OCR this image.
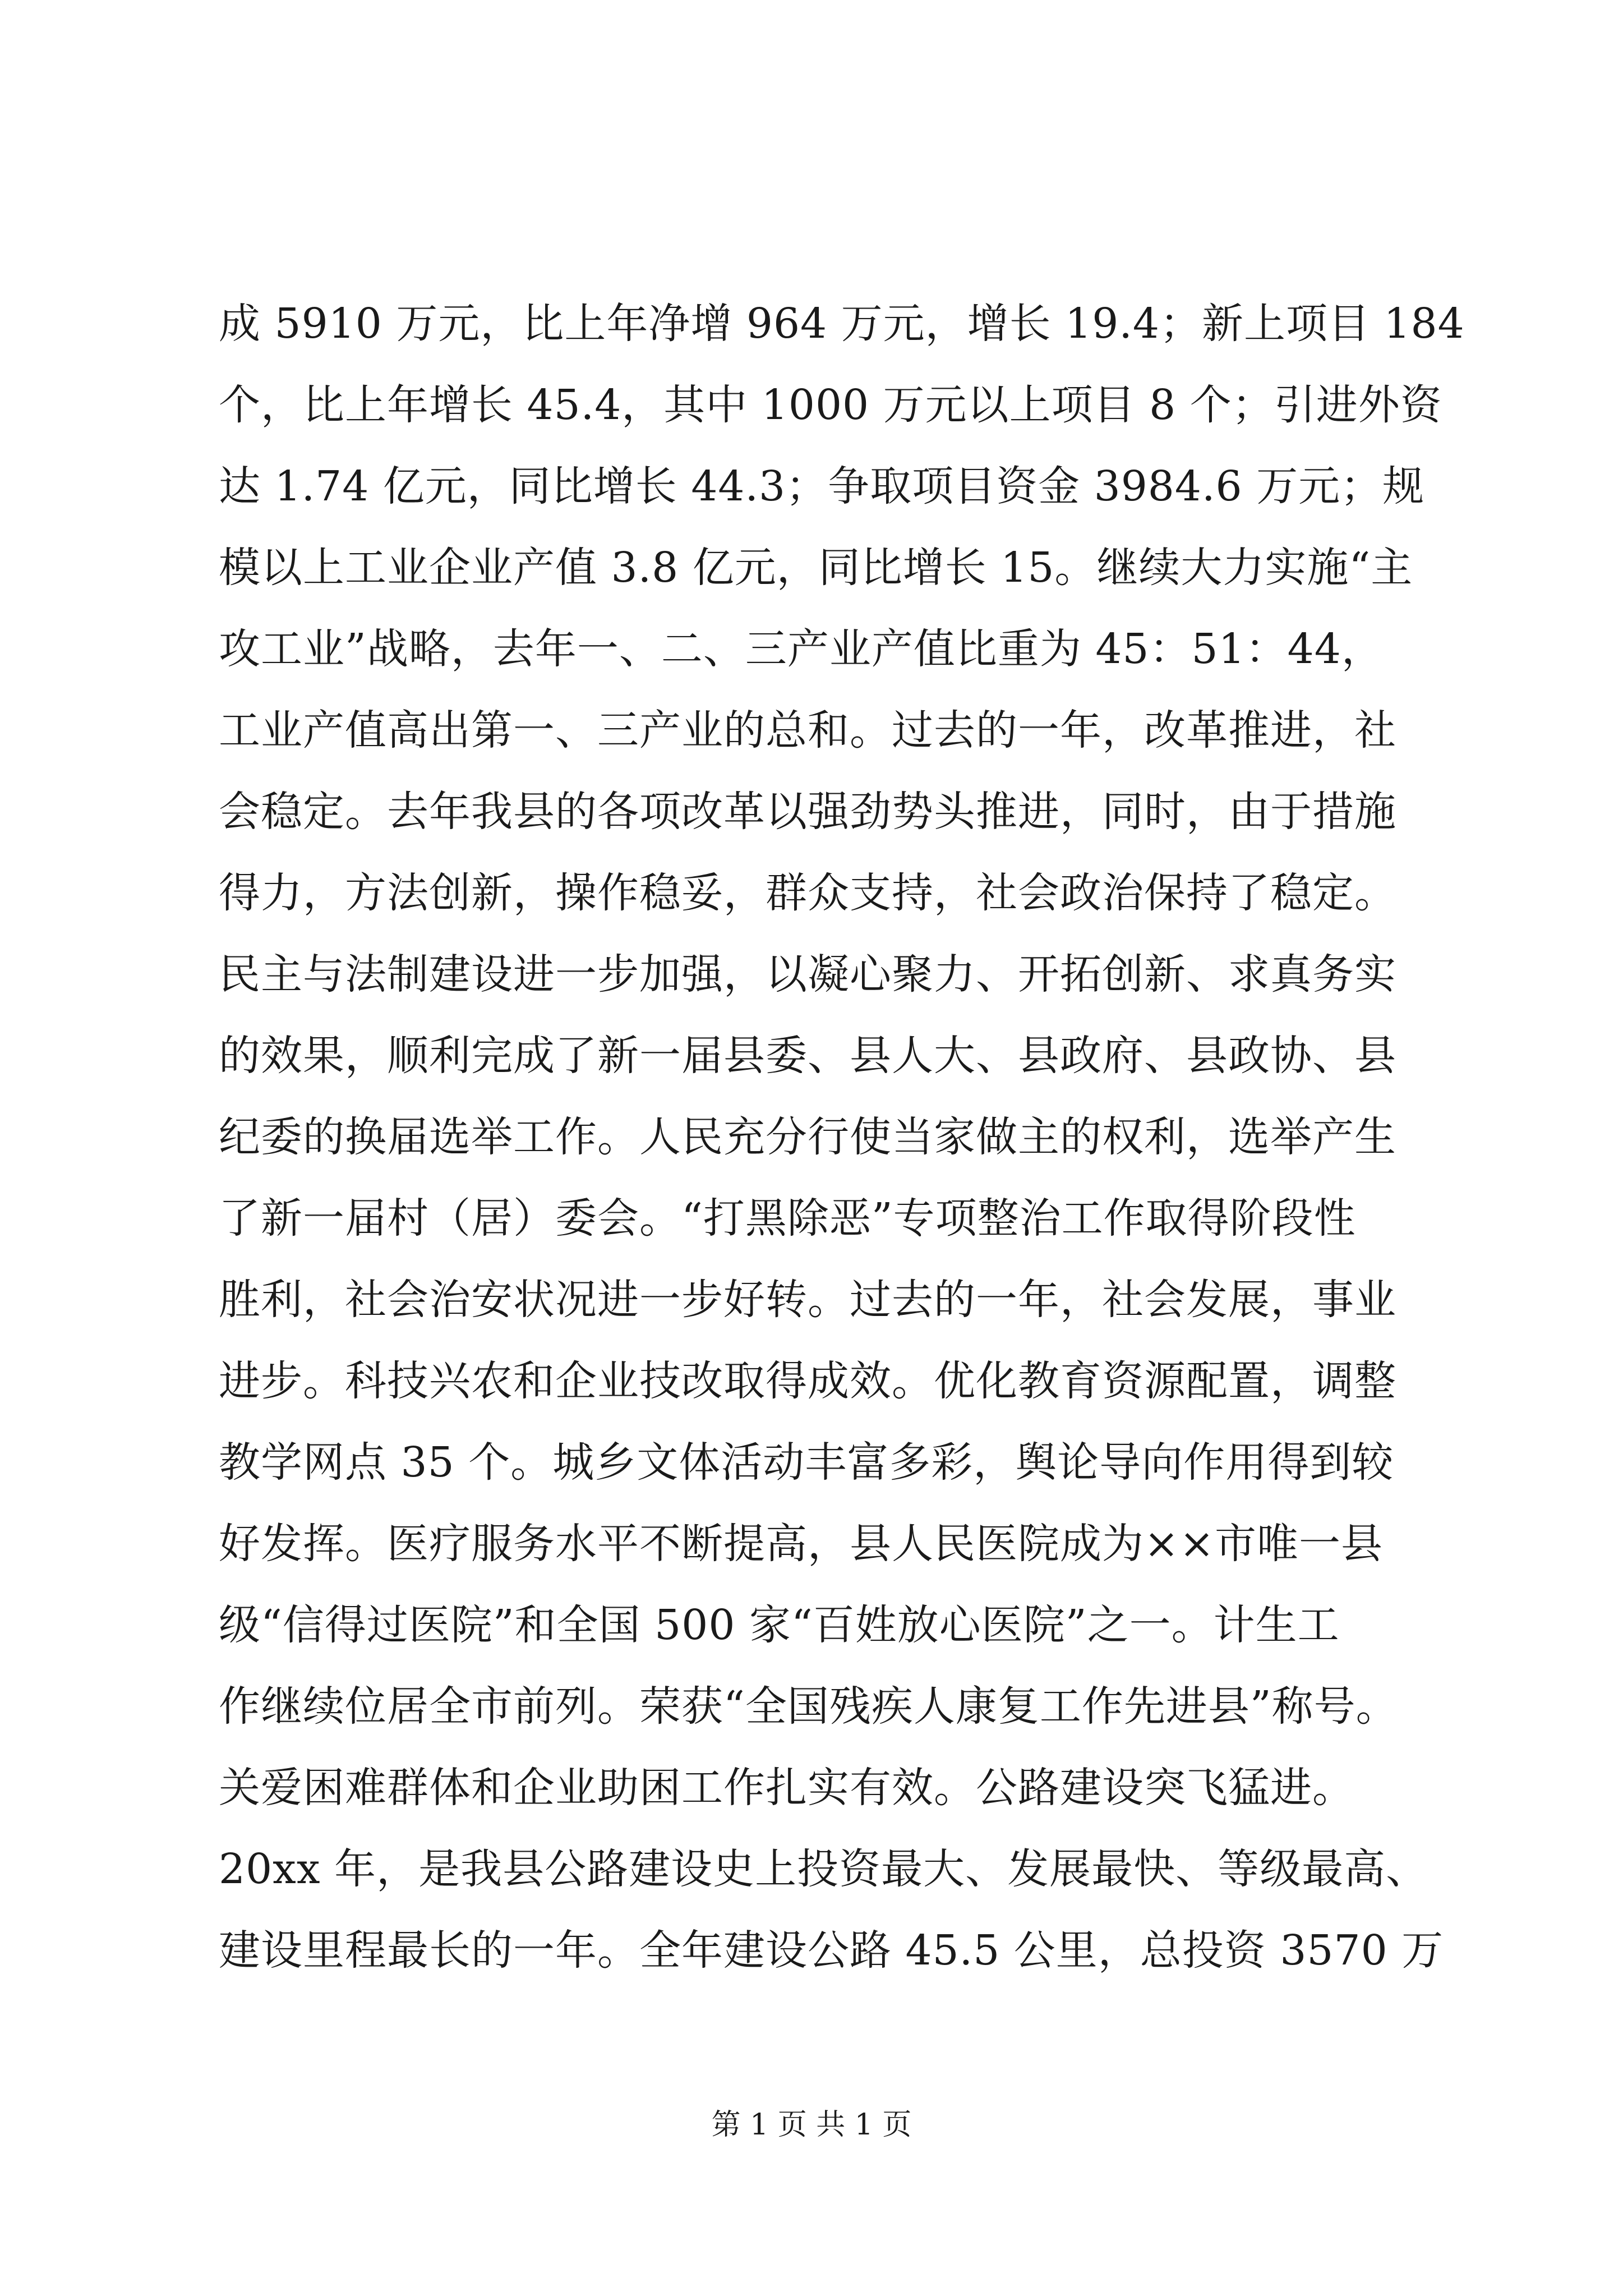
成 5910 万元，比上年净增 964 万元，增长 19.4；新上项目 184
个，比上年增长 45.4，其中 1000 万元以上项目 8 个；引进外资
达 1.74 亿元，同比增长 44.3；争取项目资金 3984.6 万元；规
模以上工业企业产值 3.8 亿元，同比增长 15。继续大力实施“主
攻工业”战略，去年一、二、三产业产值比重为 45：51：44，
工业产值高出第一、三产业的总和。过去的一年，改革推进，社
会稳定。去年我县的各项改革以强劲势头推进，同时，由于措施
得力，方法创新，操作稳妥，群众支持，社会政治保持了稳定。
民主与法制建设进一步加强，以凝心聚力、开拓创新、求真务实
的效果，顺利完成了新一届县委、县人大、县政府、县政协、县
纪委的换届选举工作。人民充分行使当家做主的权利，选举产生
了新一届村（居）委会。“打黑除恶”专项整治工作取得阶段性
胜利，社会治安状况进一步好转。过去的一年，社会发展，事业
进步。科技兴农和企业技改取得成效。优化教育资源配置，调整
教学网点 35 个。城乡文体活动丰富多彩，舆论导向作用得到较
好发挥。医疗服务水平不断提高，县人民医院成为××市唯一县
级“信得过医院”和全国 500 家“百姓放心医院”之一。计生工
作继续位居全市前列。荣获“全国残疾人康复工作先进县”称号。
关爱困难群体和企业助困工作扎实有效。公路建设突飞猛进。
20xx 年，是我县公路建设史上投资最大、发展最快、等级最高、
建设里程最长的一年。全年建设公路 45.5 公里，总投资 3570 万
第 1 页 共 1 页
